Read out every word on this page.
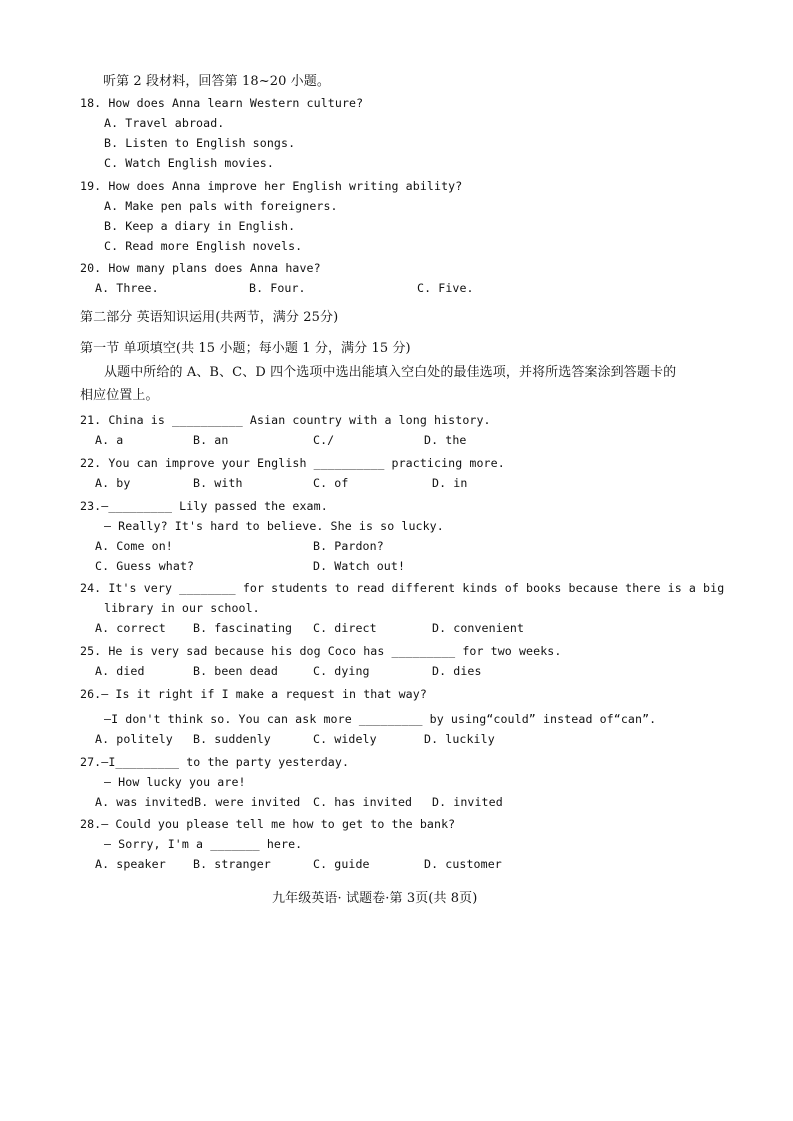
听第 2 段材料，回答第 18~20 小题。
18. How does Anna learn Western culture?
A. Travel abroad.
B. Listen to English songs.
C. Watch English movies.
19. How does Anna improve her English writing ability?
A. Make pen pals with foreigners.
B. Keep a diary in English.
C. Read more English novels.
20. How many plans does Anna have?
A. Three.	B. Four.	C. Five.
第二部分 英语知识运用(共两节，满分 25分)
第一节 单项填空(共 15 小题；每小题 1 分，满分 15 分)
从题中所给的 A、B、C、D 四个选项中选出能填入空白处的最佳选项，并将所选答案涂到答题卡的
相应位置上。
21. China is __________ Asian country with a long history.
A. a	B. an	C./	D. the
22. You can improve your English __________ practicing more.
A. by	B. with	C. of	D. in
23.—_________ Lily passed the exam.
— Really? It's hard to believe. She is so lucky.
A. Come on!	B. Pardon?
C. Guess what?	D. Watch out!
24. It's very ________ for students to read different kinds of books because there is a big
library in our school.
A. correct B. fascinating C. direct	D. convenient
25. He is very sad because his dog Coco has _________ for two weeks.
A. died	B. been dead	C. dying	D. dies
26.— Is it right if I make a request in that way?
—I don't think so. You can ask more _________ by using“could” instead of“can”.
A. politely B. suddenly	C. widely	D. luckily
27.—I_________ to the party yesterday.
— How lucky you are!
A. was invitedB. were invited C. has invited D. invited
28.— Could you please tell me how to get to the bank?
— Sorry, I'm a _______ here.
A. speaker B. stranger	C. guide	D. customer
九年级英语· 试题卷·第 3页(共 8页)
